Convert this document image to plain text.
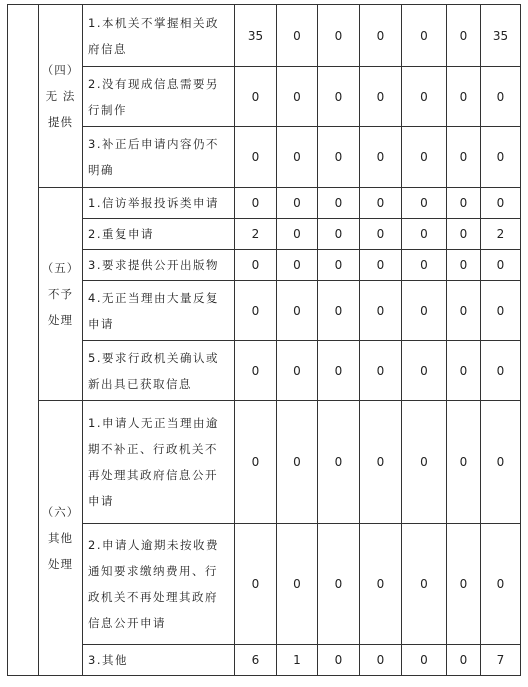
	（四）
无 法
提供	1.本机关不掌握相关政府信息	35	0	0	0	0	0	35
		2.没有现成信息需要另行制作	0	0	0	0	0	0	0
		3.补正后申请内容仍不明确	0	0	0	0	0	0	0

	（五）
不予
处理	1.信访举报投诉类申请	0	0	0	0	0	0	0
		2.重复申请	2	0	0	0	0	0	2
		3.要求提供公开出版物	0	0	0	0	0	0	0
		4.无正当理由大量反复申请	0	0	0	0	0	0	0
		5.要求行政机关确认或新出具已获取信息	0	0	0	0	0	0	0

	（六）
其他
处理	1.申请人无正当理由逾期不补正、行政机关不再处理其政府信息公开申请	0	0	0	0	0	0	0
		2.申请人逾期未按收费通知要求缴纳费用、行政机关不再处理其政府信息公开申请	0	0	0	0	0	0	0
		3.其他	6	1	0	0	0	0	7
